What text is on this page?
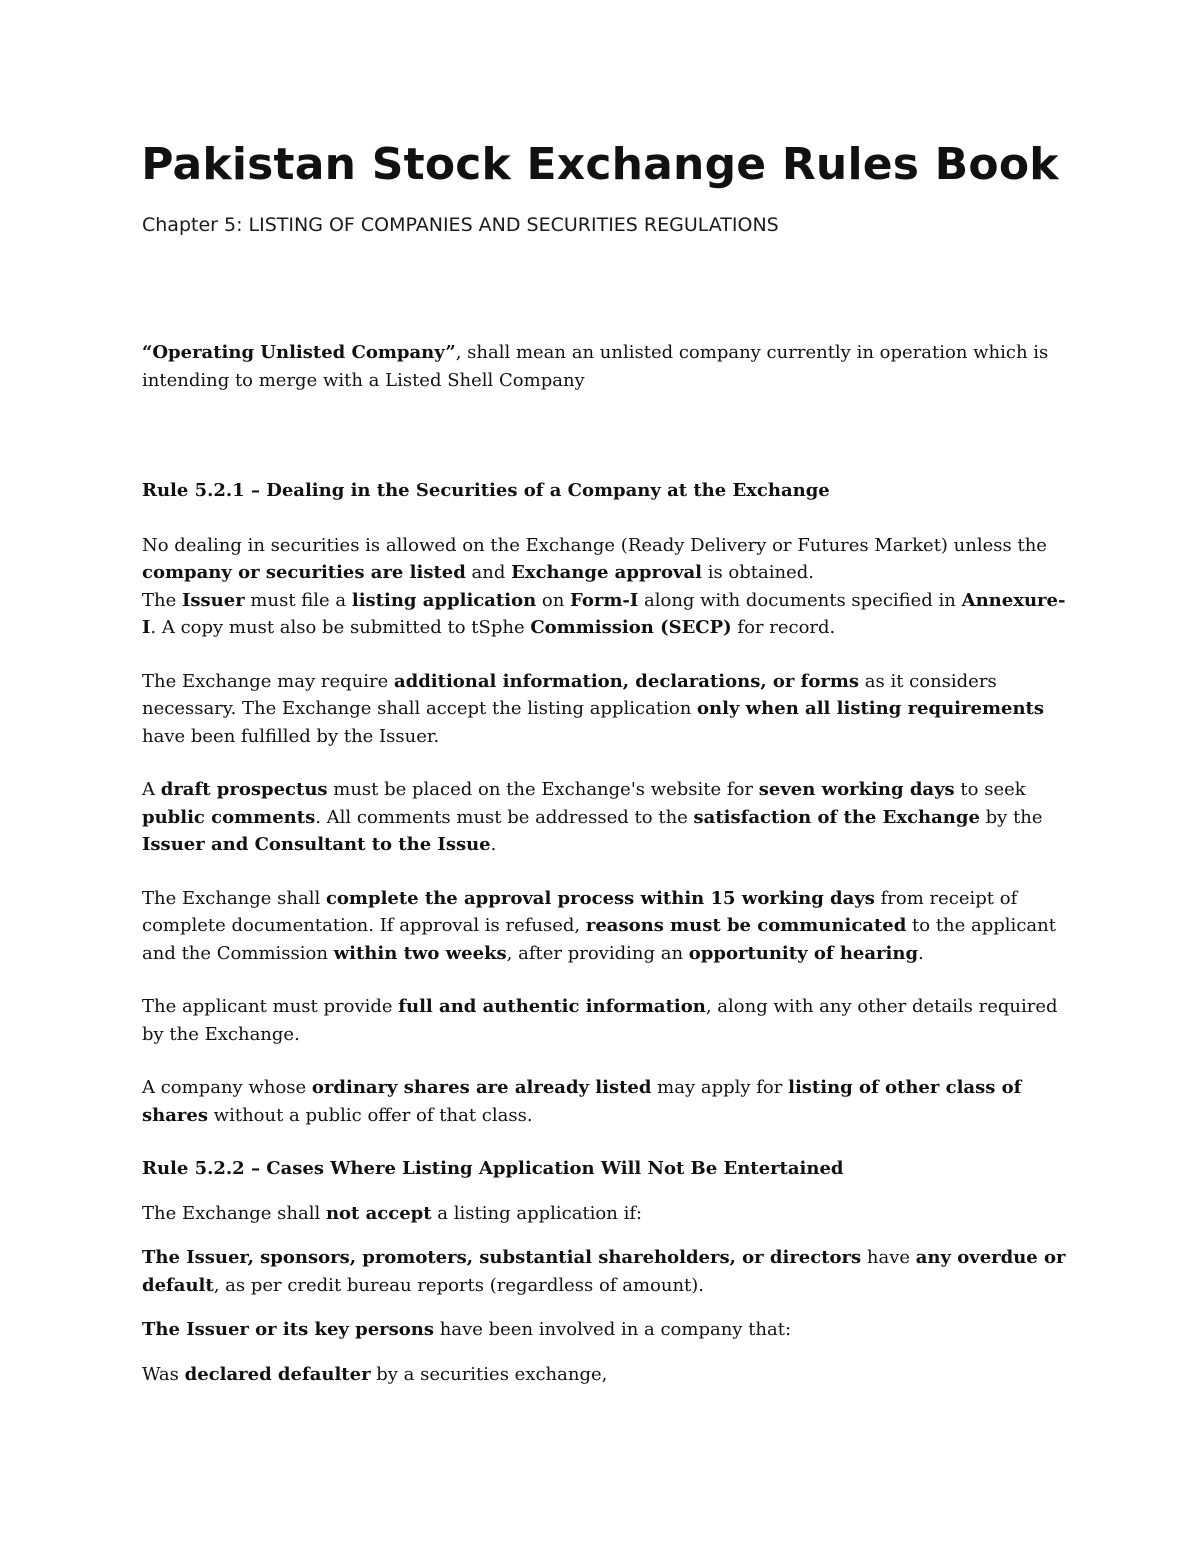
Pakistan Stock Exchange Rules Book

Chapter 5: LISTING OF COMPANIES AND SECURITIES REGULATIONS

“Operating Unlisted Company”, shall mean an unlisted company currently in operation which is intending to merge with a Listed Shell Company

Rule 5.2.1 – Dealing in the Securities of a Company at the Exchange

No dealing in securities is allowed on the Exchange (Ready Delivery or Futures Market) unless the company or securities are listed and Exchange approval is obtained.

The Issuer must file a listing application on Form-I along with documents specified in Annexure-I. A copy must also be submitted to tSphe Commission (SECP) for record.

The Exchange may require additional information, declarations, or forms as it considers necessary. The Exchange shall accept the listing application only when all listing requirements have been fulfilled by the Issuer.

A draft prospectus must be placed on the Exchange's website for seven working days to seek public comments. All comments must be addressed to the satisfaction of the Exchange by the Issuer and Consultant to the Issue.

The Exchange shall complete the approval process within 15 working days from receipt of complete documentation. If approval is refused, reasons must be communicated to the applicant and the Commission within two weeks, after providing an opportunity of hearing.

The applicant must provide full and authentic information, along with any other details required by the Exchange.

A company whose ordinary shares are already listed may apply for listing of other class of shares without a public offer of that class.

Rule 5.2.2 – Cases Where Listing Application Will Not Be Entertained

The Exchange shall not accept a listing application if:

The Issuer, sponsors, promoters, substantial shareholders, or directors have any overdue or default, as per credit bureau reports (regardless of amount).

The Issuer or its key persons have been involved in a company that:

Was declared defaulter by a securities exchange,
